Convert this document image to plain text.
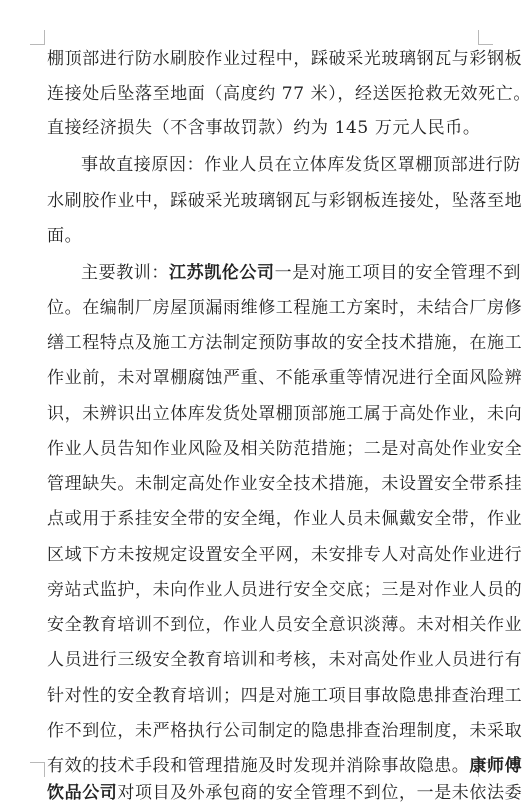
棚顶部进行防水刷胶作业过程中，踩破采光玻璃钢瓦与彩钢板
连接处后坠落至地面（高度约 77 米），经送医抢救无效死亡。
直接经济损失（不含事故罚款）约为 145 万元人民币。
事故直接原因：作业人员在立体库发货区罩棚顶部进行防
水刷胶作业中，踩破采光玻璃钢瓦与彩钢板连接处，坠落至地
面。
主要教训：江苏凯伦公司一是对施工项目的安全管理不到
位。在编制厂房屋顶漏雨维修工程施工方案时，未结合厂房修
缮工程特点及施工方法制定预防事故的安全技术措施，在施工
作业前，未对罩棚腐蚀严重、不能承重等情况进行全面风险辨
识，未辨识出立体库发货处罩棚顶部施工属于高处作业，未向
作业人员告知作业风险及相关防范措施；二是对高处作业安全
管理缺失。未制定高处作业安全技术措施，未设置安全带系挂
点或用于系挂安全带的安全绳，作业人员未佩戴安全带，作业
区域下方未按规定设置安全平网，未安排专人对高处作业进行
旁站式监护，未向作业人员进行安全交底；三是对作业人员的
安全教育培训不到位，作业人员安全意识淡薄。未对相关作业
人员进行三级安全教育培训和考核，未对高处作业人员进行有
针对性的安全教育培训；四是对施工项目事故隐患排查治理工
作不到位，未严格执行公司制定的隐患排查治理制度，未采取
有效的技术手段和管理措施及时发现并消除事故隐患。康师傅
饮品公司对项目及外承包商的安全管理不到位，一是未依法委
